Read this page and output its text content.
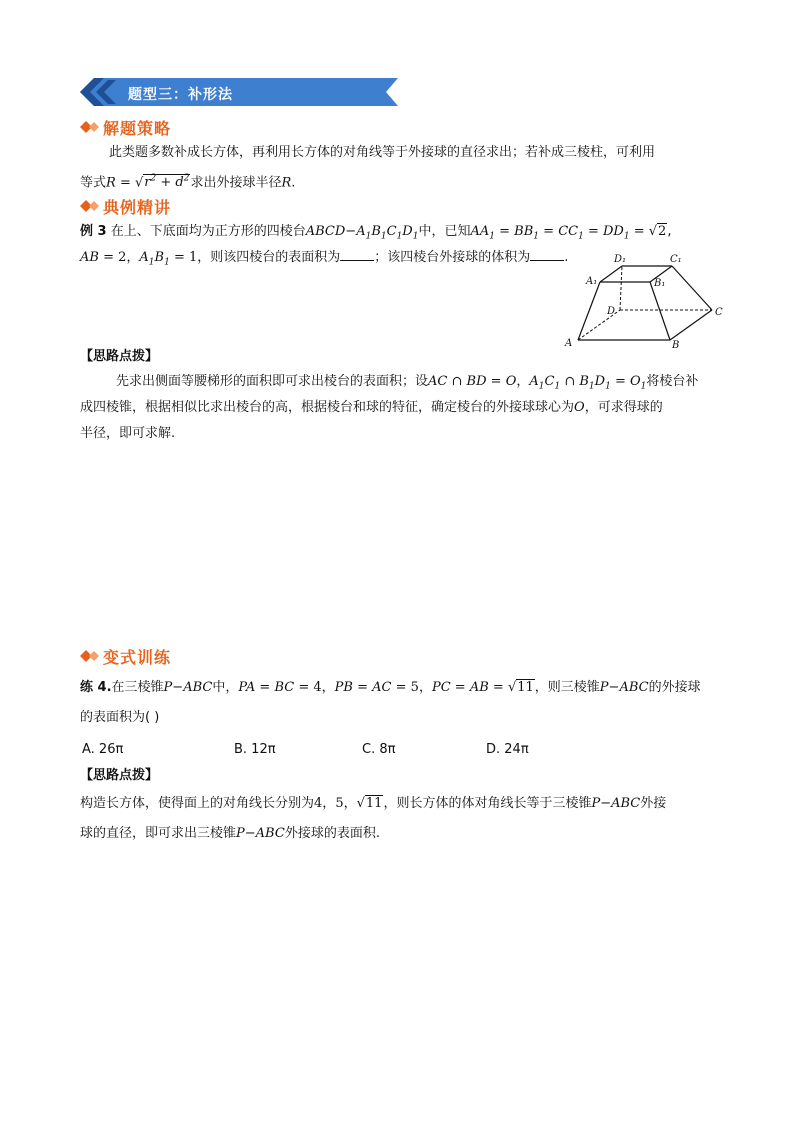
题型三：补形法
解题策略
此类题多数补成长方体，再利用长方体的对角线等于外接球的直径求出；若补成三棱柱，可利用
等式$R = √r^2 + d^2$求出外接球半径R.
典例精讲
例 3 在上、下底面均为正方形的四棱台$ABCD-A_1B_1C_1D_1$中，已知$AA_1 = BB_1 = CC_1 = DD_1 = √2$,
AB = 2，$A_1B_1 = 1$，则该四棱台的表面积为	；该四棱台外接球的体积为	.
A	B
C
D
A₁	B₁
C₁
D₁
【思路点拨】
先求出侧面等腰梯形的面积即可求出棱台的表面积；设AC ∩ BD = O，$A_1C_1$ ∩ $B_1D_1 = O_1$将棱台补
成四棱锥，根据相似比求出棱台的高，根据棱台和球的特征，确定棱台的外接球球心为O，可求得球的
半径，即可求解.
变式训练
练 4.在三棱锥P−ABC中，PA = BC = 4，PB = AC = 5，PC = AB = √11，则三棱锥P−ABC的外接球
的表面积为( )
A. 26π	B. 12π	C. 8π	D. 24π
【思路点拨】
构造长方体，使得面上的对角线长分别为4，5，√11，则长方体的体对角线长等于三棱锥P−ABC外接
球的直径，即可求出三棱锥P−ABC外接球的表面积.
